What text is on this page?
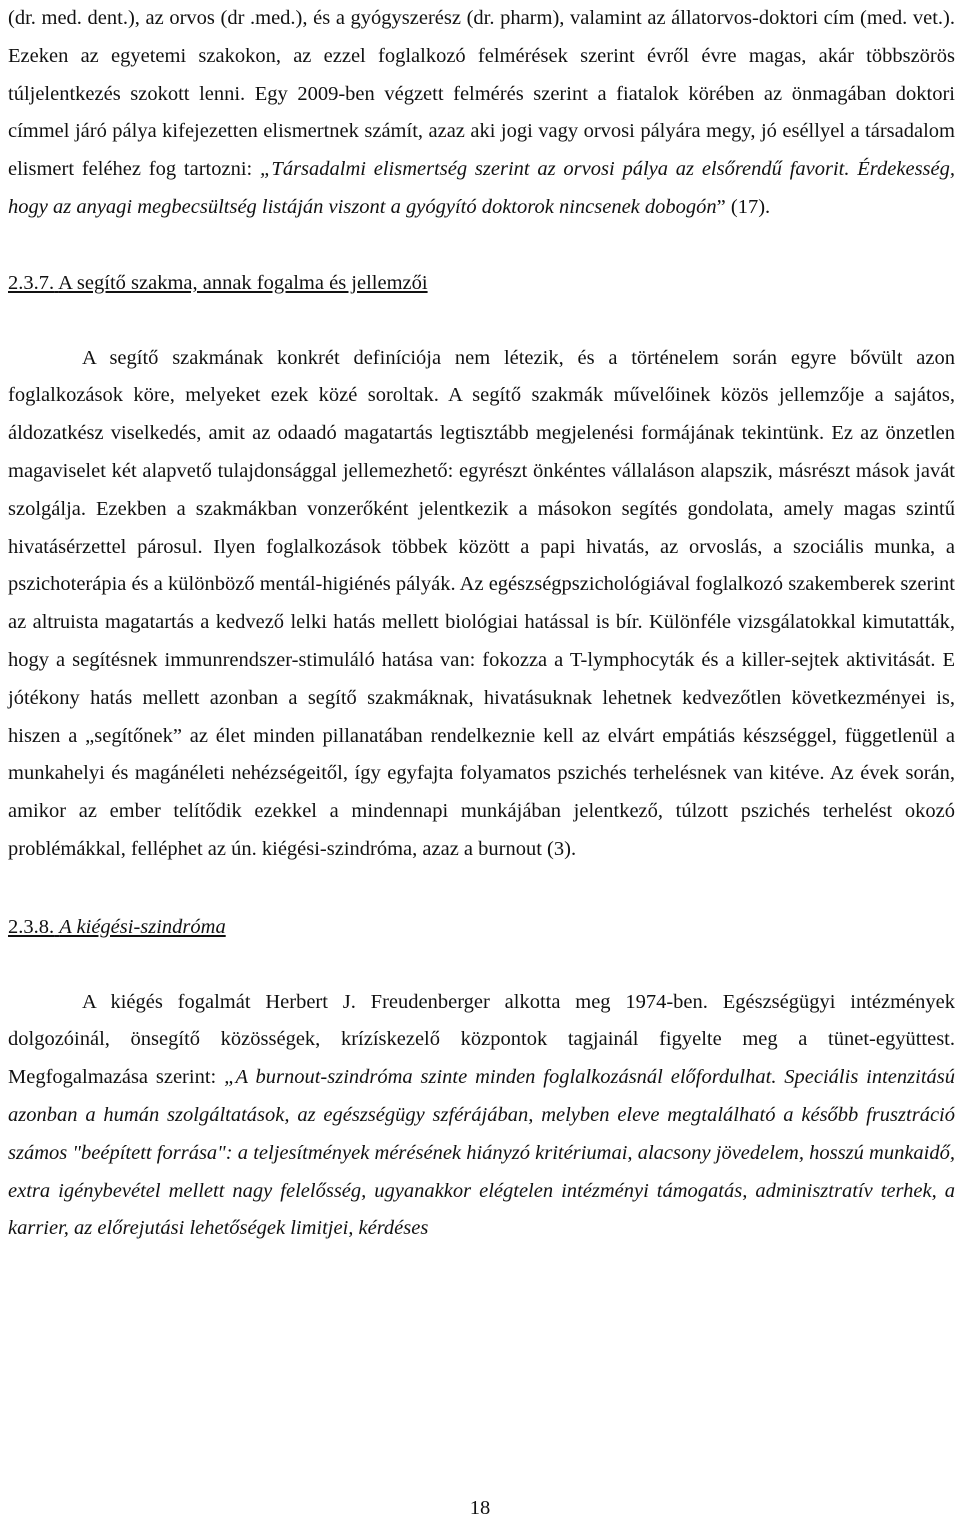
(dr. med. dent.), az orvos (dr .med.), és a gyógyszerész (dr. pharm), valamint az állatorvos-doktori cím (med. vet.). Ezeken az egyetemi szakokon, az ezzel foglalkozó felmérések szerint évről évre magas, akár többszörös túljelentkezés szokott lenni. Egy 2009-ben végzett felmérés szerint a fiatalok körében az önmagában doktori címmel járó pálya kifejezetten elismertnek számít, azaz aki jogi vagy orvosi pályára megy, jó eséllyel a társadalom elismert feléhez fog tartozni: „Társadalmi elismertség szerint az orvosi pálya az elsőrendű favorit. Érdekesség, hogy az anyagi megbecsültség listáján viszont a gyógyító doktorok nincsenek dobogón” (17).

2.3.7. A segítő szakma, annak fogalma és jellemzői

A segítő szakmának konkrét definíciója nem létezik, és a történelem során egyre bővült azon foglalkozások köre, melyeket ezek közé soroltak. A segítő szakmák művelőinek közös jellemzője a sajátos, áldozatkész viselkedés, amit az odaadó magatartás legtisztább megjelenési formájának tekintünk. Ez az önzetlen magaviselet két alapvető tulajdonsággal jellemezhető: egyrészt önkéntes vállaláson alapszik, másrészt mások javát szolgálja. Ezekben a szakmákban vonzerőként jelentkezik a másokon segítés gondolata, amely magas szintű hivatásérzettel párosul. Ilyen foglalkozások többek között a papi hivatás, az orvoslás, a szociális munka, a pszichoterápia és a különböző mentál-higiénés pályák. Az egészségpszichológiával foglalkozó szakemberek szerint az altruista magatartás a kedvező lelki hatás mellett biológiai hatással is bír. Különféle vizsgálatokkal kimutatták, hogy a segítésnek immunrendszer-stimuláló hatása van: fokozza a T-lymphocyták és a killer-sejtek aktivitását. E jótékony hatás mellett azonban a segítő szakmáknak, hivatásuknak lehetnek kedvezőtlen következményei is, hiszen a „segítőnek” az élet minden pillanatában rendelkeznie kell az elvárt empátiás készséggel, függetlenül a munkahelyi és magánéleti nehézségeitől, így egyfajta folyamatos pszichés terhelésnek van kitéve. Az évek során, amikor az ember telítődik ezekkel a mindennapi munkájában jelentkező, túlzott pszichés terhelést okozó problémákkal, felléphet az ún. kiégési-szindróma, azaz a burnout (3).

2.3.8. A kiégési-szindróma

A kiégés fogalmát Herbert J. Freudenberger alkotta meg 1974-ben. Egészségügyi intézmények dolgozóinál, önsegítő közösségek, krízískezelő központok tagjainál figyelte meg a tünet-együttest. Megfogalmazása szerint: „A burnout-szindróma szinte minden foglalkozásnál előfordulhat. Speciális intenzitású azonban a humán szolgáltatások, az egészségügy szférájában, melyben eleve megtalálható a később frusztráció számos "beépített forrása": a teljesítmények mérésének hiányzó kritériumai, alacsony jövedelem, hosszú munkaidő, extra igénybevétel mellett nagy felelősség, ugyanakkor elégtelen intézményi támogatás, adminisztratív terhek, a karrier, az előrejutási lehetőségek limitjei, kérdéses

18
